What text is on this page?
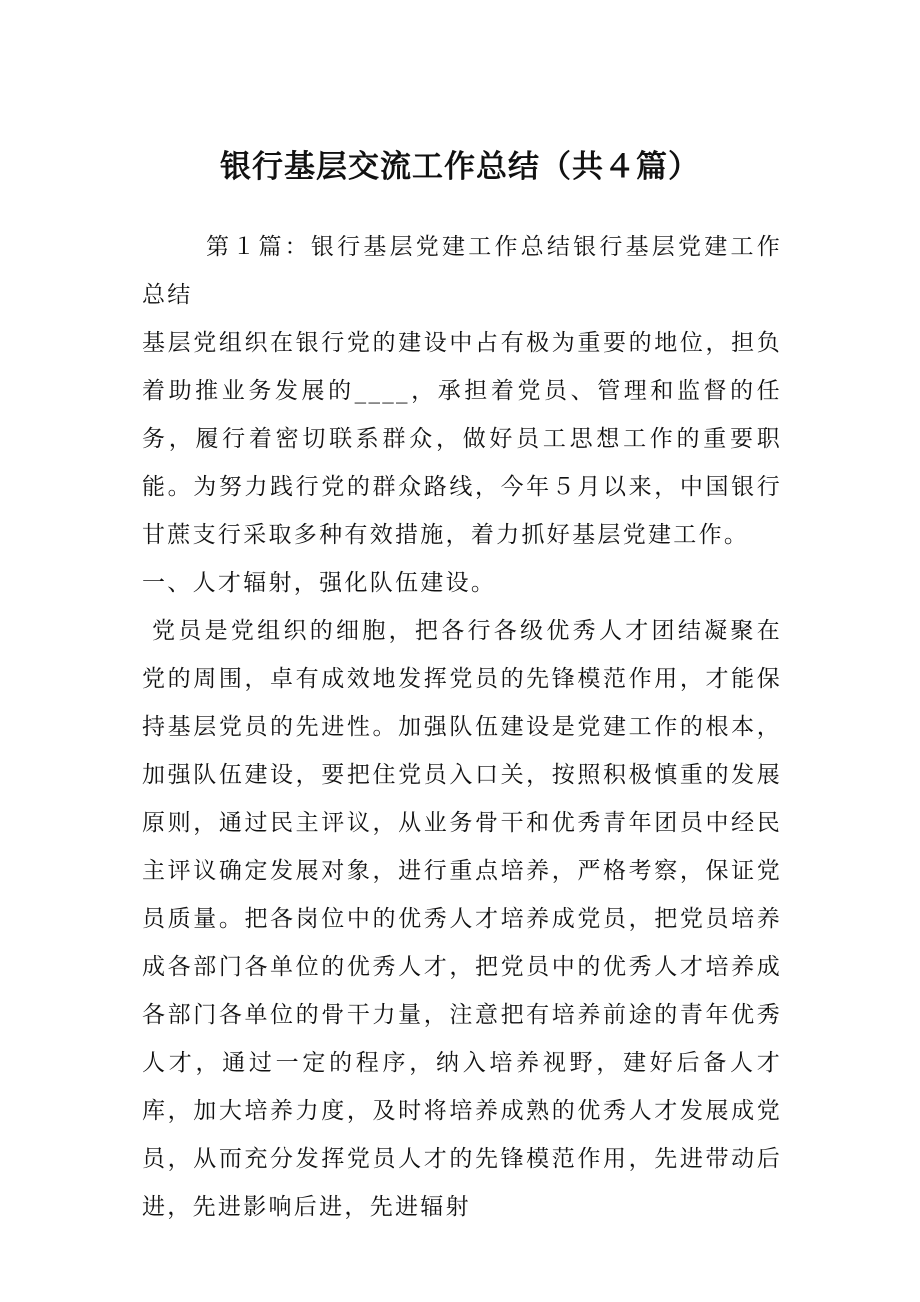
银行基层交流工作总结（共４篇）

第１篇：银行基层党建工作总结银行基层党建工作总结

基层党组织在银行党的建设中占有极为重要的地位，担负着助推业务发展的____，承担着党员、管理和监督的任务，履行着密切联系群众，做好员工思想工作的重要职能。为努力践行党的群众路线，今年５月以来，中国银行甘蔗支行采取多种有效措施，着力抓好基层党建工作。

一、人才辐射，强化队伍建设。

党员是党组织的细胞，把各行各级优秀人才团结凝聚在党的周围，卓有成效地发挥党员的先锋模范作用，才能保持基层党员的先进性。加强队伍建设是党建工作的根本，加强队伍建设，要把住党员入口关，按照积极慎重的发展原则，通过民主评议，从业务骨干和优秀青年团员中经民主评议确定发展对象，进行重点培养，严格考察，保证党员质量。把各岗位中的优秀人才培养成党员，把党员培养成各部门各单位的优秀人才，把党员中的优秀人才培养成各部门各单位的骨干力量，注意把有培养前途的青年优秀人才，通过一定的程序，纳入培养视野，建好后备人才库，加大培养力度，及时将培养成熟的优秀人才发展成党员，从而充分发挥党员人才的先锋模范作用，先进带动后进，先进影响后进，先进辐射
